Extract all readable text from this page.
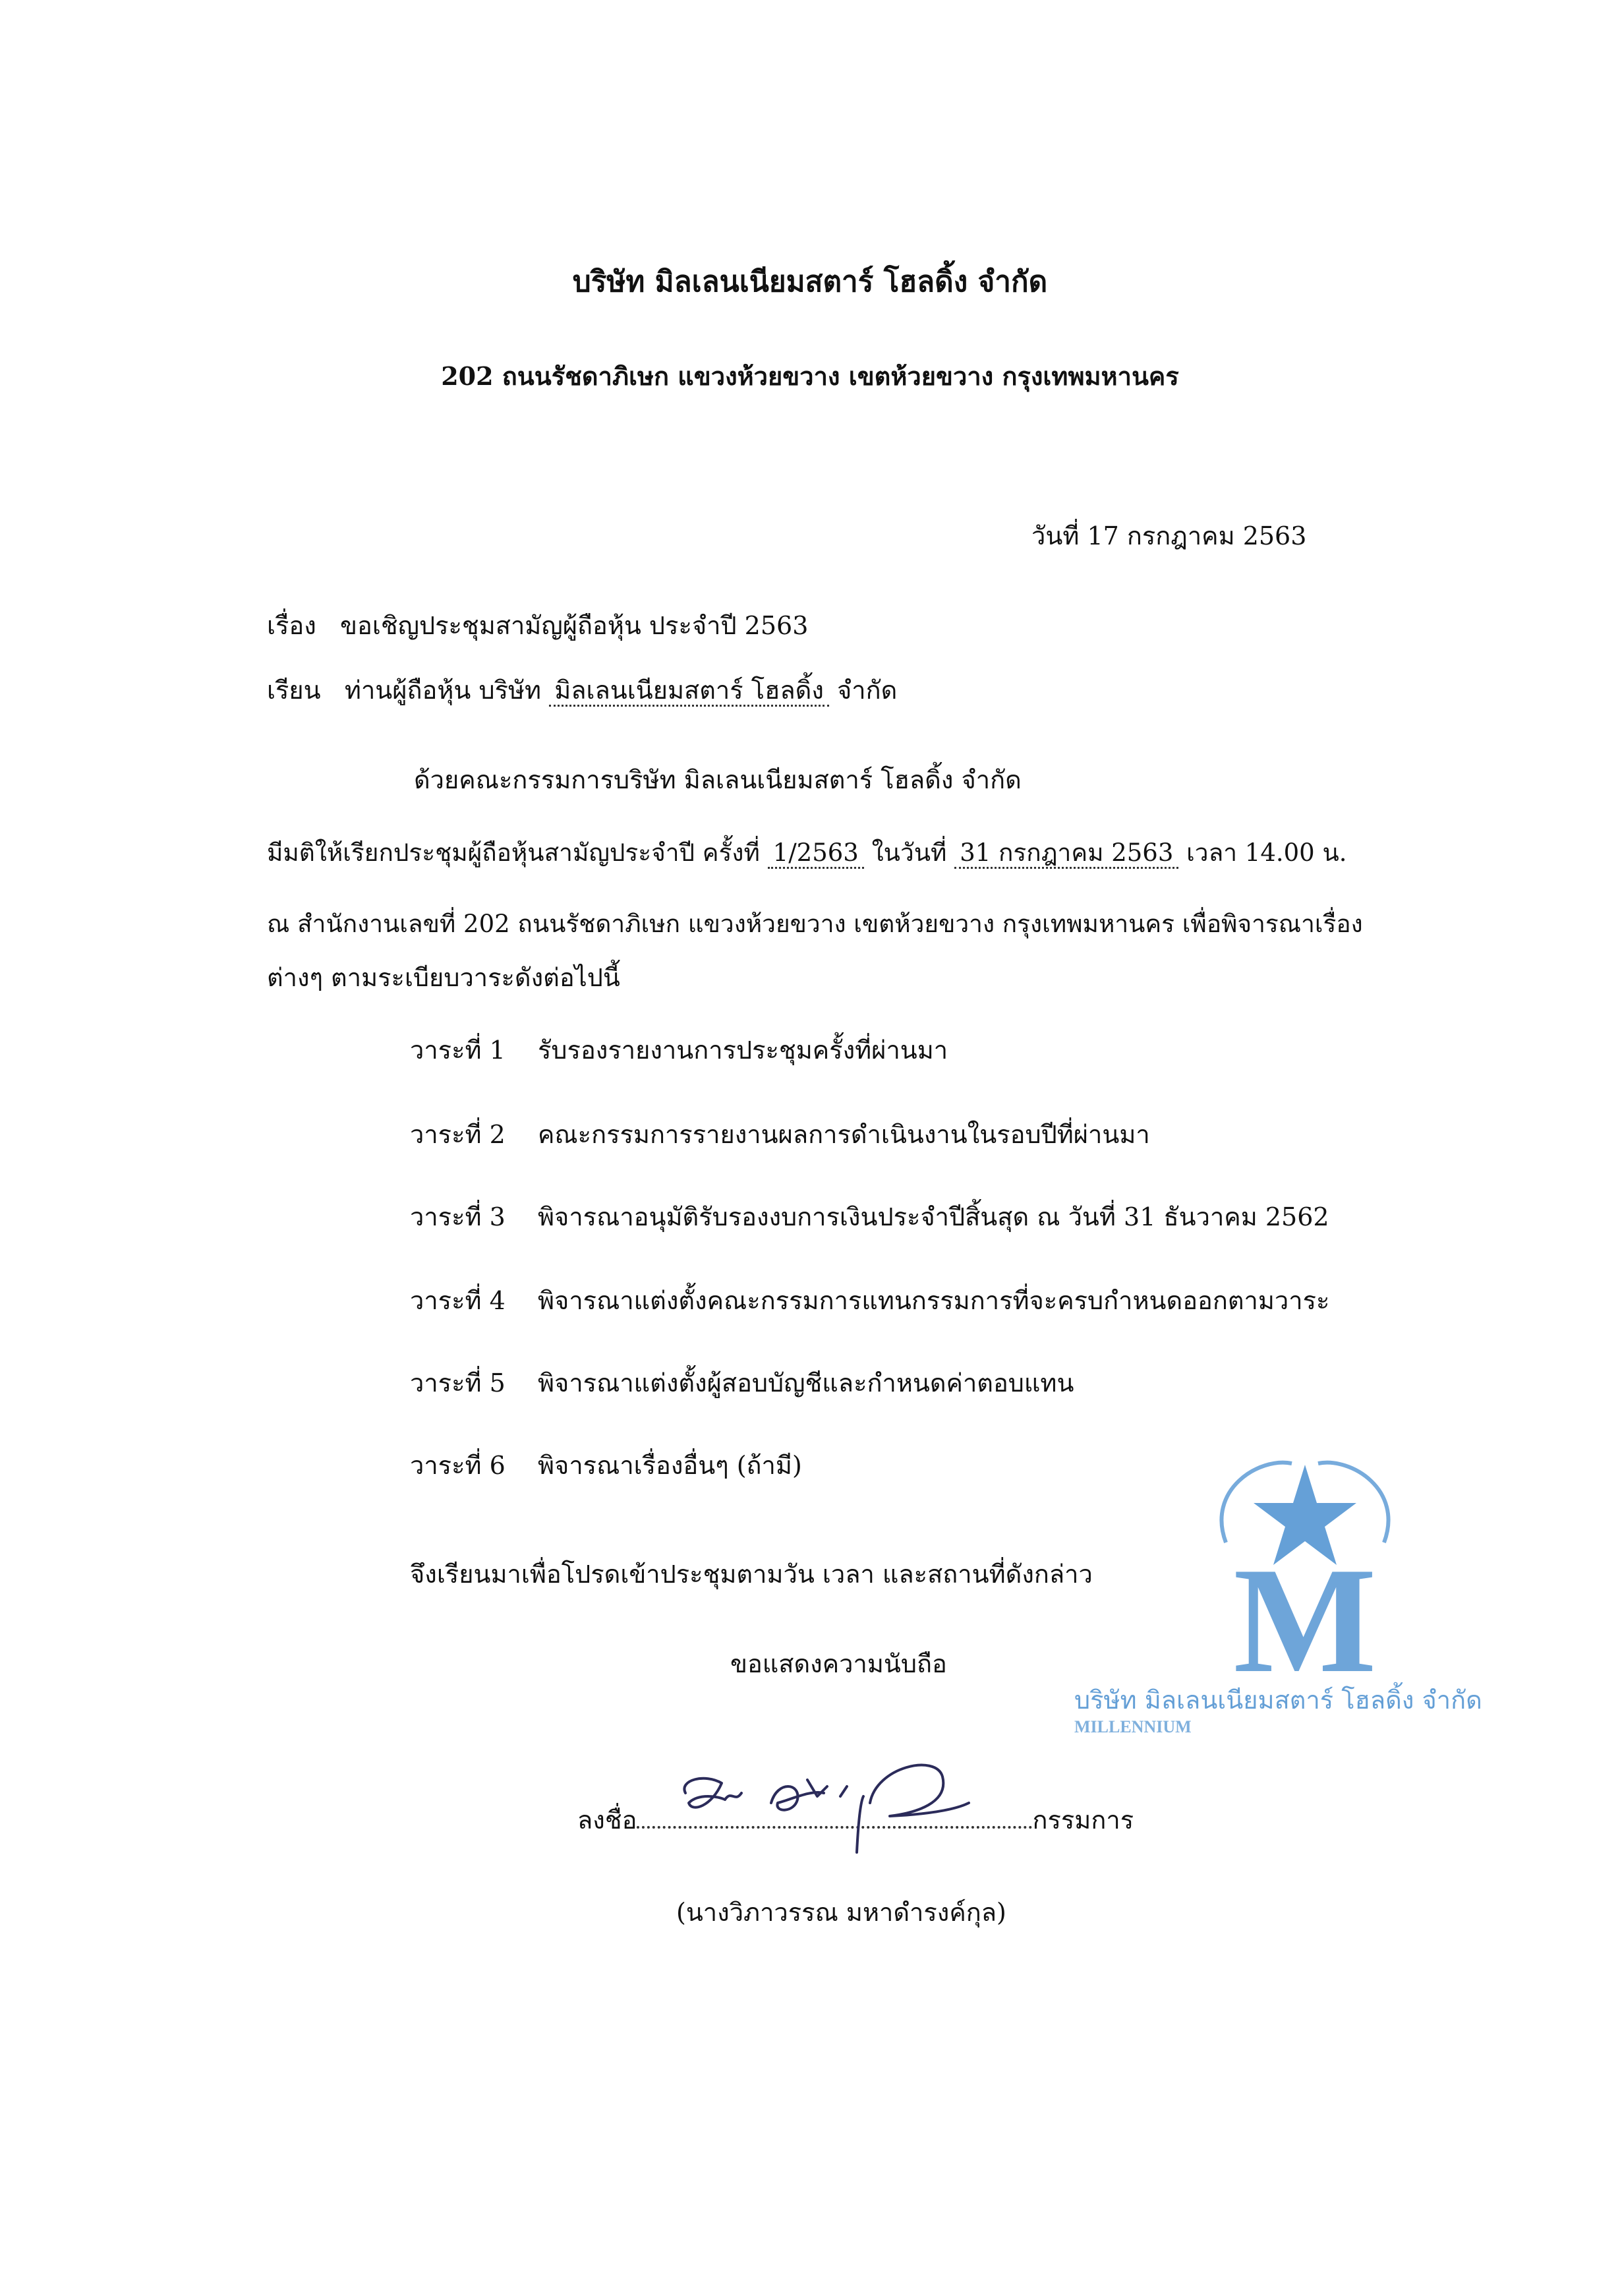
บริษัท มิลเลนเนียมสตาร์ โฮลดิ้ง จำกัด
202 ถนนรัชดาภิเษก แขวงห้วยขวาง เขตห้วยขวาง กรุงเทพมหานคร
วันที่ 17 กรกฎาคม 2563
เรื่อง ขอเชิญประชุมสามัญผู้ถือหุ้น ประจำปี 2563
เรียน ท่านผู้ถือหุ้น บริษัท มิลเลนเนียมสตาร์ โฮลดิ้ง จำกัด
ด้วยคณะกรรมการบริษัท มิลเลนเนียมสตาร์ โฮลดิ้ง จำกัด
มีมติให้เรียกประชุมผู้ถือหุ้นสามัญประจำปี ครั้งที่ 1/2563 ในวันที่ 31 กรกฎาคม 2563 เวลา 14.00 น.
ณ สำนักงานเลขที่ 202 ถนนรัชดาภิเษก แขวงห้วยขวาง เขตห้วยขวาง กรุงเทพมหานคร เพื่อพิจารณาเรื่อง
ต่างๆ ตามระเบียบวาระดังต่อไปนี้
วาระที่ 1 รับรองรายงานการประชุมครั้งที่ผ่านมา
วาระที่ 2 คณะกรรมการรายงานผลการดำเนินงานในรอบปีที่ผ่านมา
วาระที่ 3 พิจารณาอนุมัติรับรองงบการเงินประจำปีสิ้นสุด ณ วันที่ 31 ธันวาคม 2562
วาระที่ 4 พิจารณาแต่งตั้งคณะกรรมการแทนกรรมการที่จะครบกำหนดออกตามวาระ
วาระที่ 5 พิจารณาแต่งตั้งผู้สอบบัญชีและกำหนดค่าตอบแทน
วาระที่ 6 พิจารณาเรื่องอื่นๆ (ถ้ามี)
จึงเรียนมาเพื่อโปรดเข้าประชุมตามวัน เวลา และสถานที่ดังกล่าว
ขอแสดงความนับถือ
ลงชื่อ	กรรมการ
(นางวิภาวรรณ มหาดำรงค์กุล)
M
บริษัท มิลเลนเนียมสตาร์ โฮลดิ้ง จำกัด
MILLENNIUM
